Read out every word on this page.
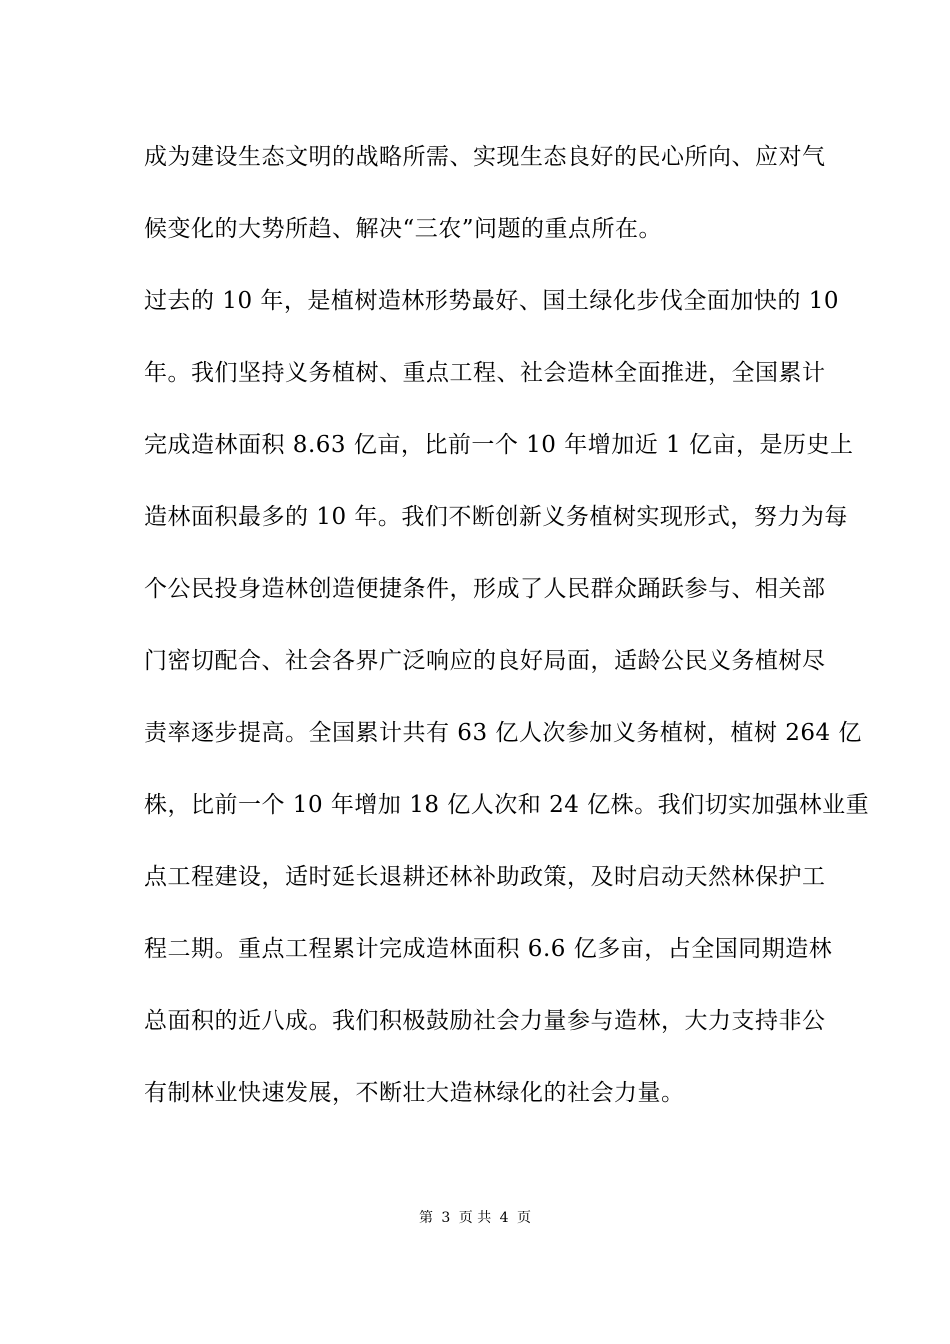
成为建设生态文明的战略所需、实现生态良好的民心所向、应对气
候变化的大势所趋、解决“三农”问题的重点所在。
过去的 10 年，是植树造林形势最好、国土绿化步伐全面加快的 10
年。我们坚持义务植树、重点工程、社会造林全面推进，全国累计
完成造林面积 8.63 亿亩，比前一个 10 年增加近 1 亿亩，是历史上
造林面积最多的 10 年。我们不断创新义务植树实现形式，努力为每
个公民投身造林创造便捷条件，形成了人民群众踊跃参与、相关部
门密切配合、社会各界广泛响应的良好局面，适龄公民义务植树尽
责率逐步提高。全国累计共有 63 亿人次参加义务植树，植树 264 亿
株，比前一个 10 年增加 18 亿人次和 24 亿株。我们切实加强林业重
点工程建设，适时延长退耕还林补助政策，及时启动天然林保护工
程二期。重点工程累计完成造林面积 6.6 亿多亩，占全国同期造林
总面积的近八成。我们积极鼓励社会力量参与造林，大力支持非公
有制林业快速发展，不断壮大造林绿化的社会力量。
第 3 页 共 4 页
